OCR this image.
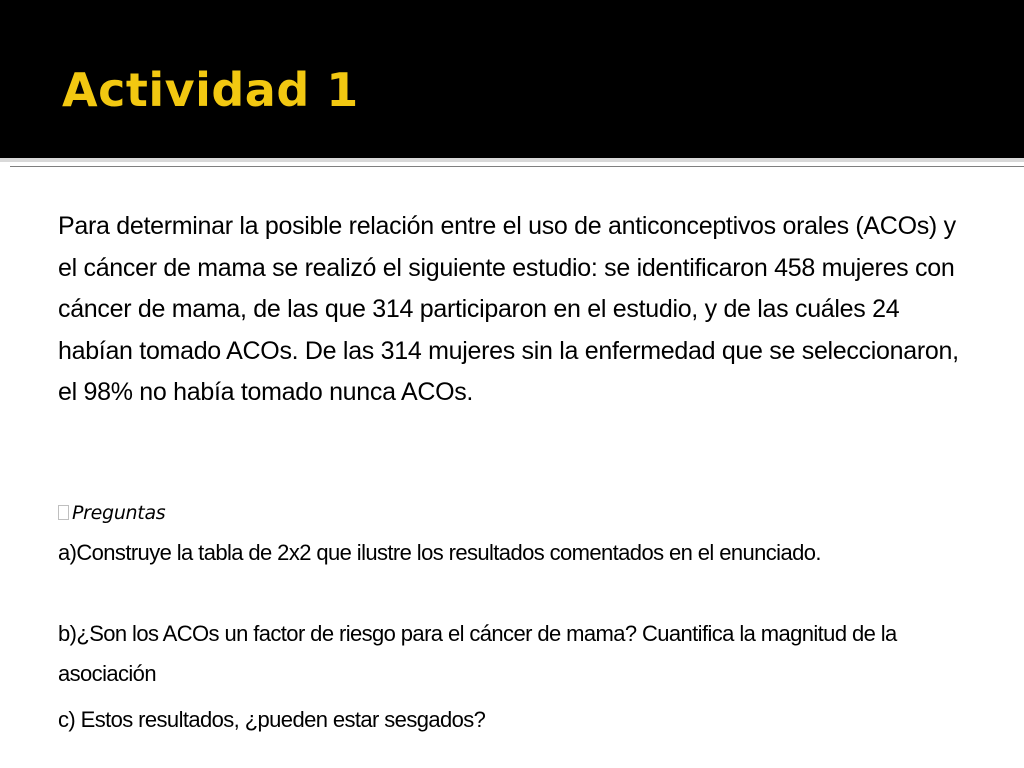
Actividad 1

Para determinar la posible relación entre el uso de anticonceptivos orales (ACOs) y el cáncer de mama se realizó el siguiente estudio: se identificaron 458 mujeres con cáncer de mama, de las que 314 participaron en el estudio, y de las cuáles 24 habían tomado ACOs. De las 314 mujeres sin la enfermedad que se seleccionaron, el 98% no había tomado nunca ACOs.

Preguntas

a)Construye la tabla de 2x2 que ilustre los resultados comentados en el enunciado.

b)¿Son los ACOs un factor de riesgo para el cáncer de mama? Cuantifica la magnitud de la asociación

c) Estos resultados, ¿pueden estar sesgados?
